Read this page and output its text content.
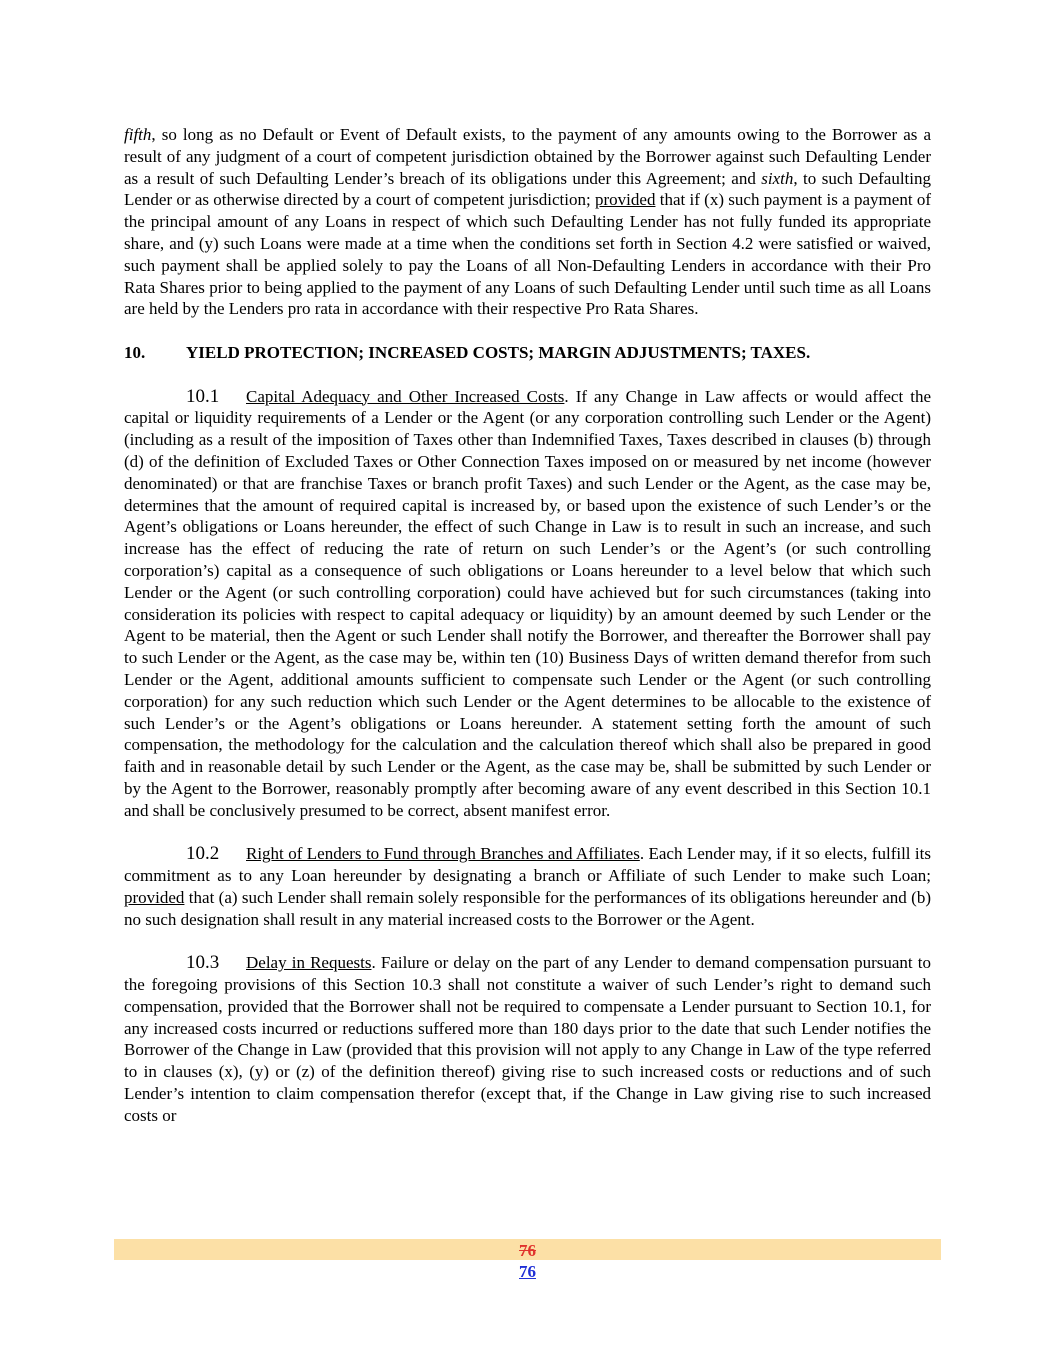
fifth, so long as no Default or Event of Default exists, to the payment of any amounts owing to the Borrower as a result of any judgment of a court of competent jurisdiction obtained by the Borrower against such Defaulting Lender as a result of such Defaulting Lender’s breach of its obligations under this Agreement; and sixth, to such Defaulting Lender or as otherwise directed by a court of competent jurisdiction; provided that if (x) such payment is a payment of the principal amount of any Loans in respect of which such Defaulting Lender has not fully funded its appropriate share, and (y) such Loans were made at a time when the conditions set forth in Section 4.2 were satisfied or waived, such payment shall be applied solely to pay the Loans of all Non-Defaulting Lenders in accordance with their Pro Rata Shares prior to being applied to the payment of any Loans of such Defaulting Lender until such time as all Loans are held by the Lenders pro rata in accordance with their respective Pro Rata Shares.

10. YIELD PROTECTION; INCREASED COSTS; MARGIN ADJUSTMENTS; TAXES.

10.1 Capital Adequacy and Other Increased Costs. If any Change in Law affects or would affect the capital or liquidity requirements of a Lender or the Agent (or any corporation controlling such Lender or the Agent) (including as a result of the imposition of Taxes other than Indemnified Taxes, Taxes described in clauses (b) through (d) of the definition of Excluded Taxes or Other Connection Taxes imposed on or measured by net income (however denominated) or that are franchise Taxes or branch profit Taxes) and such Lender or the Agent, as the case may be, determines that the amount of required capital is increased by, or based upon the existence of such Lender’s or the Agent’s obligations or Loans hereunder, the effect of such Change in Law is to result in such an increase, and such increase has the effect of reducing the rate of return on such Lender’s or the Agent’s (or such controlling corporation’s) capital as a consequence of such obligations or Loans hereunder to a level below that which such Lender or the Agent (or such controlling corporation) could have achieved but for such circumstances (taking into consideration its policies with respect to capital adequacy or liquidity) by an amount deemed by such Lender or the Agent to be material, then the Agent or such Lender shall notify the Borrower, and thereafter the Borrower shall pay to such Lender or the Agent, as the case may be, within ten (10) Business Days of written demand therefor from such Lender or the Agent, additional amounts sufficient to compensate such Lender or the Agent (or such controlling corporation) for any such reduction which such Lender or the Agent determines to be allocable to the existence of such Lender’s or the Agent’s obligations or Loans hereunder. A statement setting forth the amount of such compensation, the methodology for the calculation and the calculation thereof which shall also be prepared in good faith and in reasonable detail by such Lender or the Agent, as the case may be, shall be submitted by such Lender or by the Agent to the Borrower, reasonably promptly after becoming aware of any event described in this Section 10.1 and shall be conclusively presumed to be correct, absent manifest error.

10.2 Right of Lenders to Fund through Branches and Affiliates. Each Lender may, if it so elects, fulfill its commitment as to any Loan hereunder by designating a branch or Affiliate of such Lender to make such Loan; provided that (a) such Lender shall remain solely responsible for the performances of its obligations hereunder and (b) no such designation shall result in any material increased costs to the Borrower or the Agent.

10.3 Delay in Requests. Failure or delay on the part of any Lender to demand compensation pursuant to the foregoing provisions of this Section 10.3 shall not constitute a waiver of such Lender’s right to demand such compensation, provided that the Borrower shall not be required to compensate a Lender pursuant to Section 10.1, for any increased costs incurred or reductions suffered more than 180 days prior to the date that such Lender notifies the Borrower of the Change in Law (provided that this provision will not apply to any Change in Law of the type referred to in clauses (x), (y) or (z) of the definition thereof) giving rise to such increased costs or reductions and of such Lender’s intention to claim compensation therefor (except that, if the Change in Law giving rise to such increased costs or

76
76
